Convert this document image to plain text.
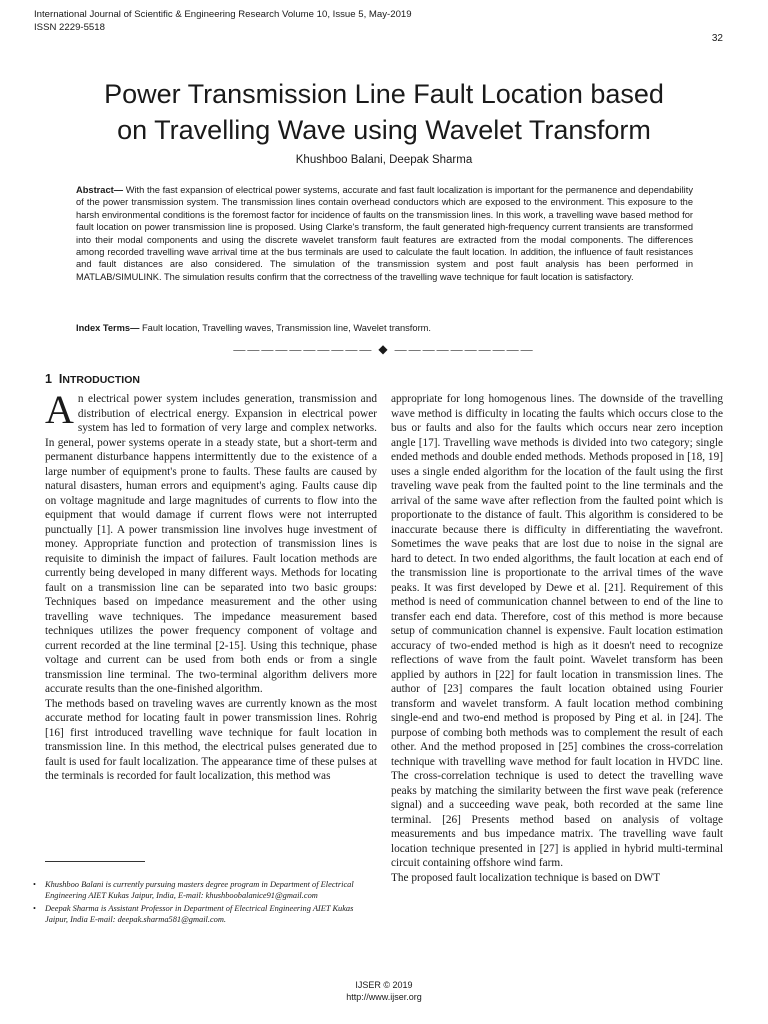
International Journal of Scientific & Engineering Research Volume 10, Issue 5, May-2019
ISSN 2229-5518
32
Power Transmission Line Fault Location based
on Travelling Wave using Wavelet Transform
Khushboo Balani, Deepak Sharma
Abstract— With the fast expansion of electrical power systems, accurate and fast fault localization is important for the permanence and dependability of the power transmission system. The transmission lines contain overhead conductors which are exposed to the environment. This exposure to the harsh environmental conditions is the foremost factor for incidence of faults on the transmission lines. In this work, a travelling wave based method for fault location on power transmission line is proposed. Using Clarke's transform, the fault generated high-frequency current transients are transformed into their modal components and using the discrete wavelet transform fault features are extracted from the modal components. The differences among recorded travelling wave arrival time at the bus terminals are used to calculate the fault location. In addition, the influence of fault resistances and fault distances are also considered. The simulation of the transmission system and post fault analysis has been performed in MATLAB/SIMULINK. The simulation results confirm that the correctness of the travelling wave technique for fault location is satisfactory.
Index Terms— Fault location, Travelling waves, Transmission line, Wavelet transform.
—————————— ◆ ——————————
1 INTRODUCTION

An electrical power system includes generation, transmission and distribution of electrical energy. Expansion in electrical power system has led to formation of very large and complex networks. In general, power systems operate in a steady state, but a short-term and permanent disturbance happens intermittently due to the existence of a large number of equipment's prone to faults. These faults are caused by natural disasters, human errors and equipment's aging. Faults cause dip on voltage magnitude and large magnitudes of currents to flow into the equipment that would damage if current flows were not interrupted punctually [1]. A power transmission line involves huge investment of money. Appropriate function and protection of transmission lines is requisite to diminish the impact of failures. Fault location methods are currently being developed in many different ways. Methods for locating fault on a transmission line can be separated into two basic groups: Techniques based on impedance measurement and the other using travelling wave techniques. The impedance measurement based techniques utilizes the power frequency component of voltage and current recorded at the line terminal [2-15]. Using this technique, phase voltage and current can be used from both ends or from a single transmission line terminal. The two-terminal algorithm delivers more accurate results than the one-finished algorithm.

The methods based on traveling waves are currently known as the most accurate method for locating fault in power transmission lines. Rohrig [16] first introduced travelling wave technique for fault location in transmission line. In this method, the electrical pulses generated due to fault is used for fault localization. The appearance time of these pulses at the terminals is recorded for fault localization, this method was

appropriate for long homogenous lines. The downside of the travelling wave method is difficulty in locating the faults which occurs close to the bus or faults and also for the faults which occurs near zero inception angle [17]. Travelling wave methods is divided into two category; single ended methods and double ended methods. Methods proposed in [18, 19] uses a single ended algorithm for the location of the fault using the first traveling wave peak from the faulted point to the line terminals and the arrival of the same wave after reflection from the faulted point which is proportionate to the distance of fault. This algorithm is considered to be inaccurate because there is difficulty in differentiating the wavefront. Sometimes the wave peaks that are lost due to noise in the signal are hard to detect. In two ended algorithms, the fault location at each end of the transmission line is proportionate to the arrival times of the wave peaks. It was first developed by Dewe et al. [21]. Requirement of this method is need of communication channel between to end of the line to transfer each end data. Therefore, cost of this method is more because setup of communication channel is expensive. Fault location estimation accuracy of two-ended method is high as it doesn't need to recognize reflections of wave from the fault point. Wavelet transform has been applied by authors in [22] for fault location in transmission lines. The author of [23] compares the fault location obtained using Fourier transform and wavelet transform. A fault location method combining single-end and two-end method is proposed by Ping et al. in [24]. The purpose of combing both methods was to complement the result of each other. And the method proposed in [25] combines the cross-correlation technique with travelling wave method for fault location in HVDC line. The cross-correlation technique is used to detect the travelling wave peaks by matching the similarity between the first wave peak (reference signal) and a succeeding wave peak, both recorded at the same line terminal. [26] Presents method based on analysis of voltage measurements and bus impedance matrix. The travelling wave fault location technique presented in [27] is applied in hybrid multi-terminal circuit containing offshore wind farm.

The proposed fault localization technique is based on DWT

•	Khushboo Balani is currently pursuing masters degree program in Department of Electrical Engineering AIET Kukas Jaipur, India, E-mail: khushboobalanice91@gmail.com
•	Deepak Sharma is Assistant Professor in Department of Electrical Engineering AIET Kukas Jaipur, India E-mail: deepak.sharma581@gmail.com.
IJSER © 2019
http://www.ijser.org
